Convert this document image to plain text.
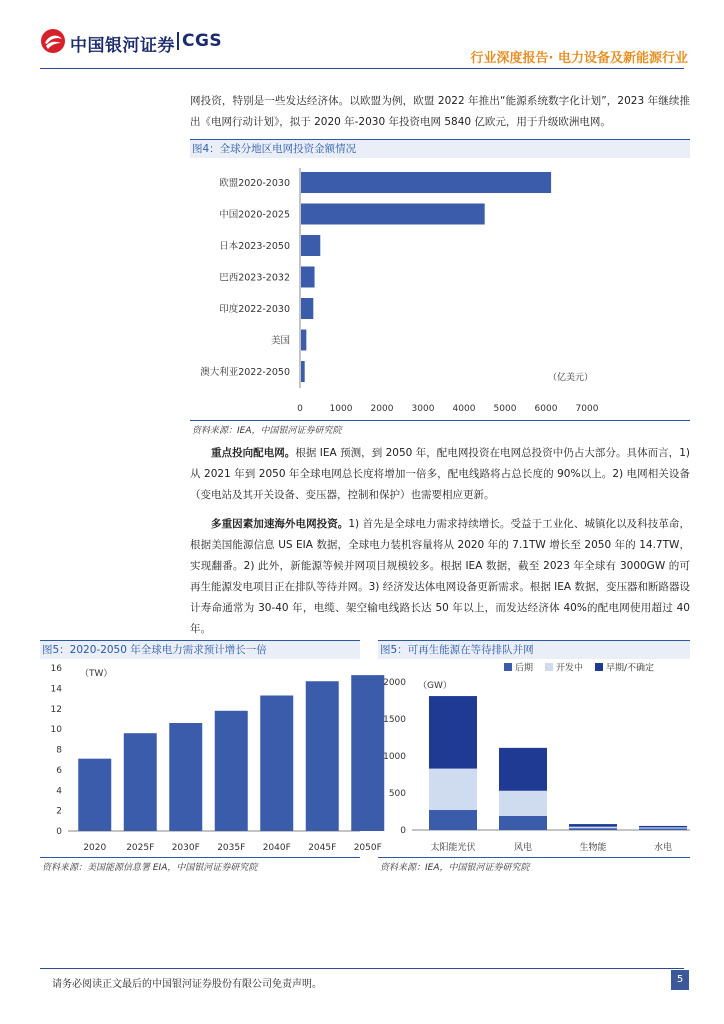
中国银河证券 CGS
行业深度报告· 电力设备及新能源行业

网投资，特别是一些发达经济体。以欧盟为例，欧盟 2022 年推出“能源系统数字化计划”，2023 年继续推出《电网行动计划》，拟于 2020 年-2030 年投资电网 5840 亿欧元，用于升级欧洲电网。

图4：全球分地区电网投资金额情况
欧盟2020-2030
中国2020-2025
日本2023-2050
巴西2023-2032
印度2022-2030
美国
澳大利亚2022-2050
0	1000 2000 3000 4000 5000 6000 7000
（亿美元）
资料来源：IEA，中国银河证券研究院

重点投向配电网。根据 IEA 预测，到 2050 年，配电网投资在电网总投资中仍占大部分。具体而言，1) 从 2021 年到 2050 年全球电网总长度将增加一倍多，配电线路将占总长度的 90%以上。2) 电网相关设备（变电站及其开关设备、变压器，控制和保护）也需要相应更新。

多重因素加速海外电网投资。1) 首先是全球电力需求持续增长。受益于工业化、城镇化以及科技革命，根据美国能源信息 US EIA 数据，全球电力装机容量将从 2020 年的 7.1TW 增长至 2050 年的 14.7TW，实现翻番。2) 此外，新能源等候并网项目规模较多。根据 IEA 数据，截至 2023 年全球有 3000GW 的可再生能源发电项目正在排队等待并网。3) 经济发达体电网设备更新需求。根据 IEA 数据，变压器和断路器设计寿命通常为 30-40 年，电缆、架空输电线路长达 50 年以上，而发达经济体 40%的配电网使用超过 40 年。

图5：2020-2050 年全球电力需求预计增长一倍
（TW）
0
2
4
6
8
10
12
14
16
2020 2025F 2030F 2035F 2040F 2045F 2050F
资料来源：美国能源信息署 EIA，中国银河证券研究院
图5：可再生能源在等待排队并网
后期	开发中	早期/不确定
（GW）
0
500
1000
1500
2000
太阳能光伏	风电	生物能	水电
资料来源：IEA，中国银河证券研究院
请务必阅读正文最后的中国银河证券股份有限公司免责声明。	5
